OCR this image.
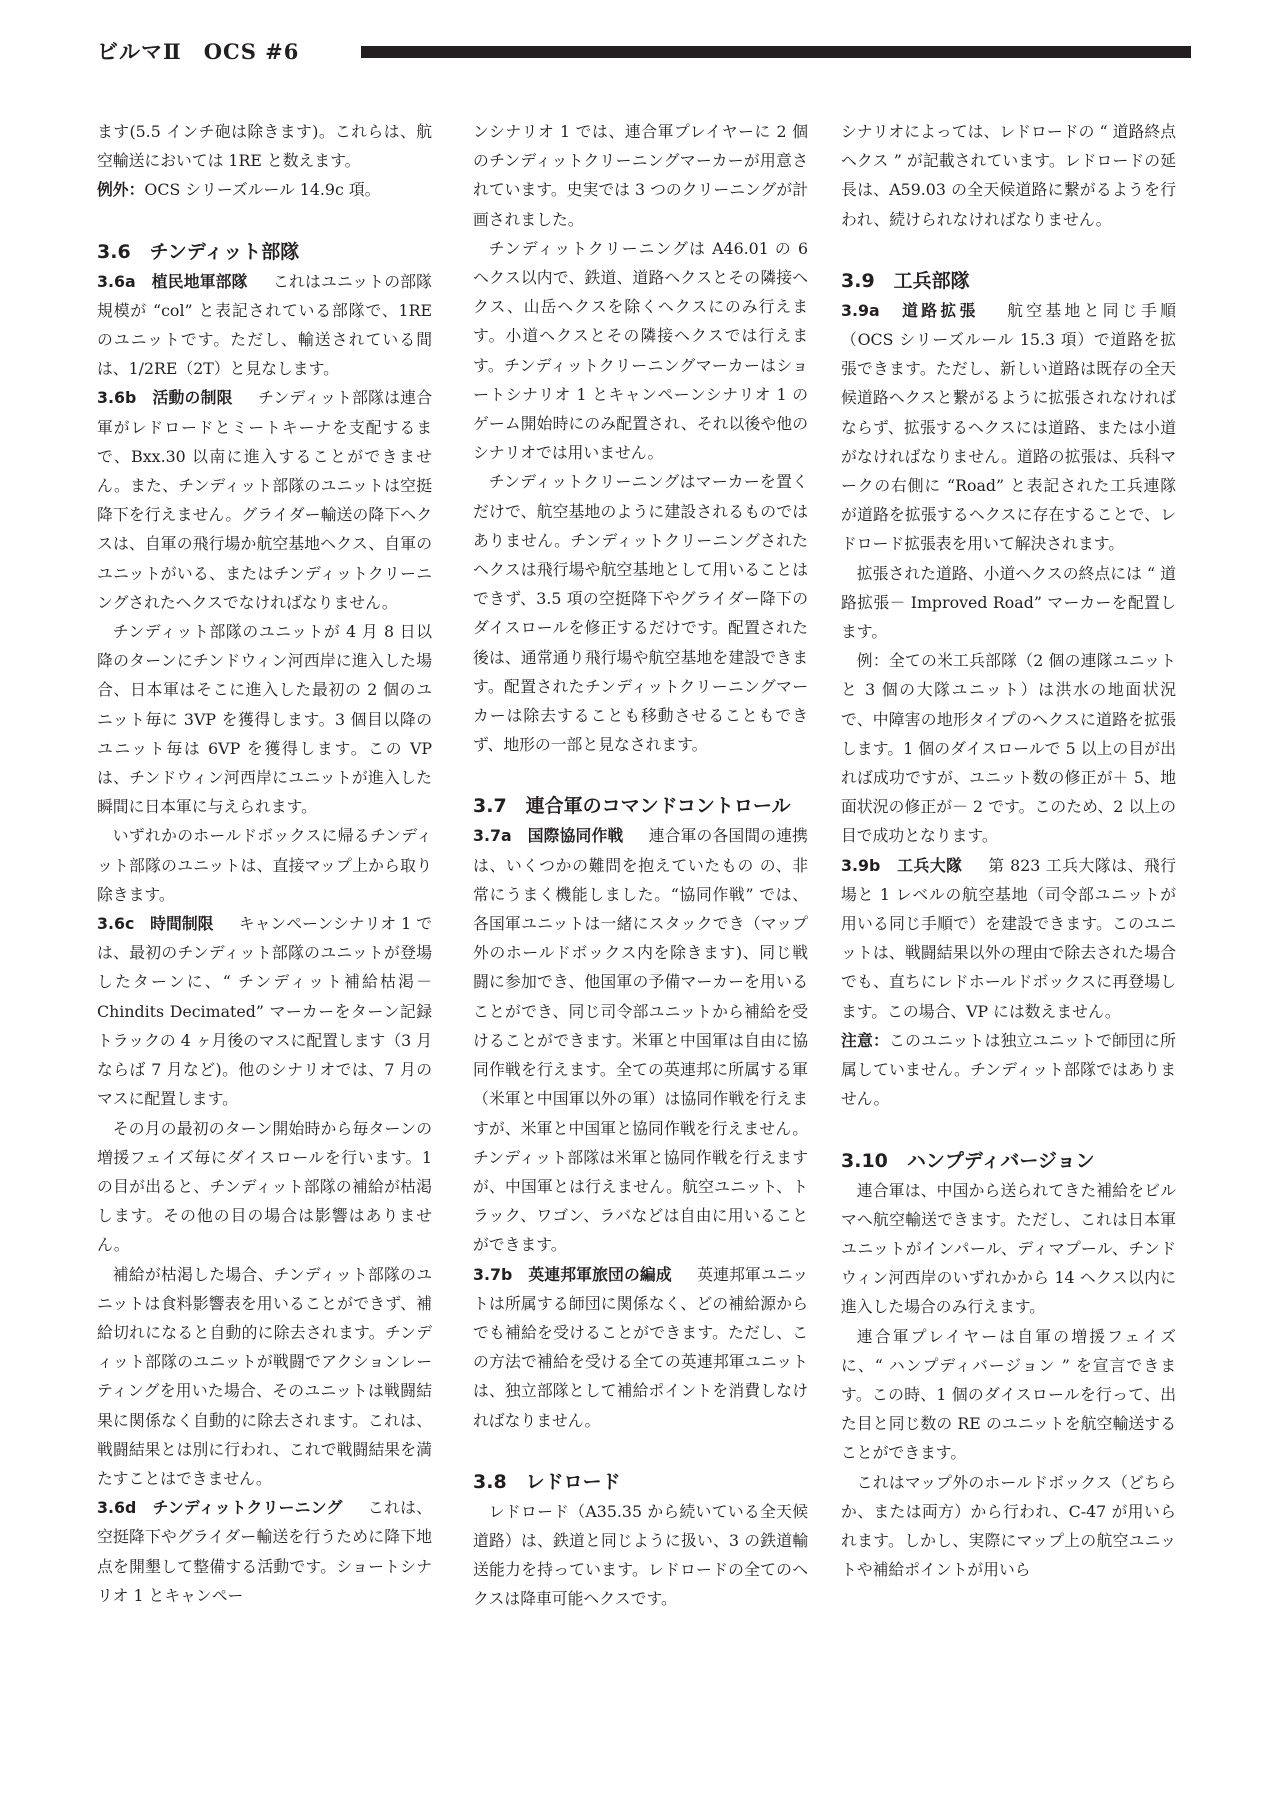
ビルマⅡ　OCS #6

ます(5.5 インチ砲は除きます)。これらは、航空輸送においては 1RE と数えます。

例外：OCS シリーズルール 14.9c 項。

3.6　チンディット部隊

3.6a　植民地軍部隊 これはユニットの部隊規模が “col” と表記されている部隊で、1RE のユニットです。ただし、輸送されている間は、1/2RE（2T）と見なします。

3.6b　活動の制限 チンディット部隊は連合軍がレドロードとミートキーナを支配するまで、Bxx.30 以南に進入することができません。また、チンディット部隊のユニットは空挺降下を行えません。グライダー輸送の降下ヘクスは、自軍の飛行場か航空基地ヘクス、自軍のユニットがいる、またはチンディットクリーニングされたヘクスでなければなりません。

チンディット部隊のユニットが 4 月 8 日以降のターンにチンドウィン河西岸に進入した場合、日本軍はそこに進入した最初の 2 個のユニット毎に 3VP を獲得します。3 個目以降のユニット毎は 6VP を獲得します。この VP は、チンドウィン河西岸にユニットが進入した瞬間に日本軍に与えられます。

いずれかのホールドボックスに帰るチンディット部隊のユニットは、直接マップ上から取り除きます。

3.6c　時間制限 キャンペーンシナリオ 1 では、最初のチンディット部隊のユニットが登場したターンに、“ チンディット補給枯渇－ Chindits Decimated” マーカーをターン記録トラックの 4 ヶ月後のマスに配置します（3 月ならば 7 月など)。他のシナリオでは、7 月のマスに配置します。

その月の最初のターン開始時から毎ターンの増援フェイズ毎にダイスロールを行います。1 の目が出ると、チンディット部隊の補給が枯渇します。その他の目の場合は影響はありません。

補給が枯渇した場合、チンディット部隊のユニットは食料影響表を用いることができず、補給切れになると自動的に除去されます。チンディット部隊のユニットが戦闘でアクションレーティングを用いた場合、そのユニットは戦闘結果に関係なく自動的に除去されます。これは、戦闘結果とは別に行われ、これで戦闘結果を満たすことはできません。

3.6d　チンディットクリーニング これは、空挺降下やグライダー輸送を行うために降下地点を開墾して整備する活動です。ショートシナリオ 1 とキャンペー

ンシナリオ 1 では、連合軍プレイヤーに 2 個のチンディットクリーニングマーカーが用意されています。史実では 3 つのクリーニングが計画されました。

チンディットクリーニングは A46.01 の 6 ヘクス以内で、鉄道、道路ヘクスとその隣接ヘクス、山岳ヘクスを除くヘクスにのみ行えます。小道ヘクスとその隣接ヘクスでは行えます。チンディットクリーニングマーカーはショートシナリオ 1 とキャンペーンシナリオ 1 のゲーム開始時にのみ配置され、それ以後や他のシナリオでは用いません。

チンディットクリーニングはマーカーを置くだけで、航空基地のように建設されるものではありません。チンディットクリーニングされたヘクスは飛行場や航空基地として用いることはできず、3.5 項の空挺降下やグライダー降下のダイスロールを修正するだけです。配置された後は、通常通り飛行場や航空基地を建設できます。配置されたチンディットクリーニングマーカーは除去することも移動させることもできず、地形の一部と見なされます。

3.7　連合軍のコマンドコントロール

3.7a　国際協同作戦 連合軍の各国間の連携は、いくつかの難問を抱えていたもの の、非常にうまく機能しました。“協同作戦” では、各国軍ユニットは一緒にスタックでき（マップ外のホールドボックス内を除きます)、同じ戦闘に参加でき、他国軍の予備マーカーを用いることができ、同じ司令部ユニットから補給を受けることができます。米軍と中国軍は自由に協同作戦を行えます。全ての英連邦に所属する軍（米軍と中国軍以外の軍）は協同作戦を行えますが、米軍と中国軍と協同作戦を行えません。チンディット部隊は米軍と協同作戦を行えますが、中国軍とは行えません。航空ユニット、トラック、ワゴン、ラバなどは自由に用いることができます。

3.7b　英連邦軍旅団の編成 英連邦軍ユニットは所属する師団に関係なく、どの補給源からでも補給を受けることができます。ただし、この方法で補給を受ける全ての英連邦軍ユニットは、独立部隊として補給ポイントを消費しなければなりません。

3.8　レドロード

レドロード（A35.35 から続いている全天候道路）は、鉄道と同じように扱い、3 の鉄道輸送能力を持っています。レドロードの全てのヘクスは降車可能ヘクスです。

シナリオによっては、レドロードの “ 道路終点ヘクス ” が記載されています。レドロードの延長は、A59.03 の全天候道路に繋がるようを行われ、続けられなければなりません。

3.9　工兵部隊

3.9a　道路拡張 航空基地と同じ手順（OCS シリーズルール 15.3 項）で道路を拡張できます。ただし、新しい道路は既存の全天候道路ヘクスと繋がるように拡張されなければならず、拡張するヘクスには道路、または小道がなければなりません。道路の拡張は、兵科マークの右側に “Road” と表記された工兵連隊が道路を拡張するヘクスに存在することで、レドロード拡張表を用いて解決されます。

拡張された道路、小道ヘクスの終点には “ 道路拡張－ Improved Road” マーカーを配置します。

例：全ての米工兵部隊（2 個の連隊ユニットと 3 個の大隊ユニット）は洪水の地面状況で、中障害の地形タイプのヘクスに道路を拡張します。1 個のダイスロールで 5 以上の目が出れば成功ですが、ユニット数の修正が＋ 5、地面状況の修正が－ 2 です。このため、2 以上の目で成功となります。

3.9b　工兵大隊 第 823 工兵大隊は、飛行場と 1 レベルの航空基地（司令部ユニットが用いる同じ手順で）を建設できます。このユニットは、戦闘結果以外の理由で除去された場合でも、直ちにレドホールドボックスに再登場します。この場合、VP には数えません。

注意：このユニットは独立ユニットで師団に所属していません。チンディット部隊ではありません。

3.10　ハンプディバージョン

連合軍は、中国から送られてきた補給をビルマへ航空輸送できます。ただし、これは日本軍ユニットがインパール、ディマプール、チンドウィン河西岸のいずれかから 14 ヘクス以内に進入した場合のみ行えます。

連合軍プレイヤーは自軍の増援フェイズに、“ ハンプディバージョン ” を宣言できます。この時、1 個のダイスロールを行って、出た目と同じ数の RE のユニットを航空輸送することができます。

これはマップ外のホールドボックス（どちらか、または両方）から行われ、C-47 が用いられます。しかし、実際にマップ上の航空ユニットや補給ポイントが用いら
